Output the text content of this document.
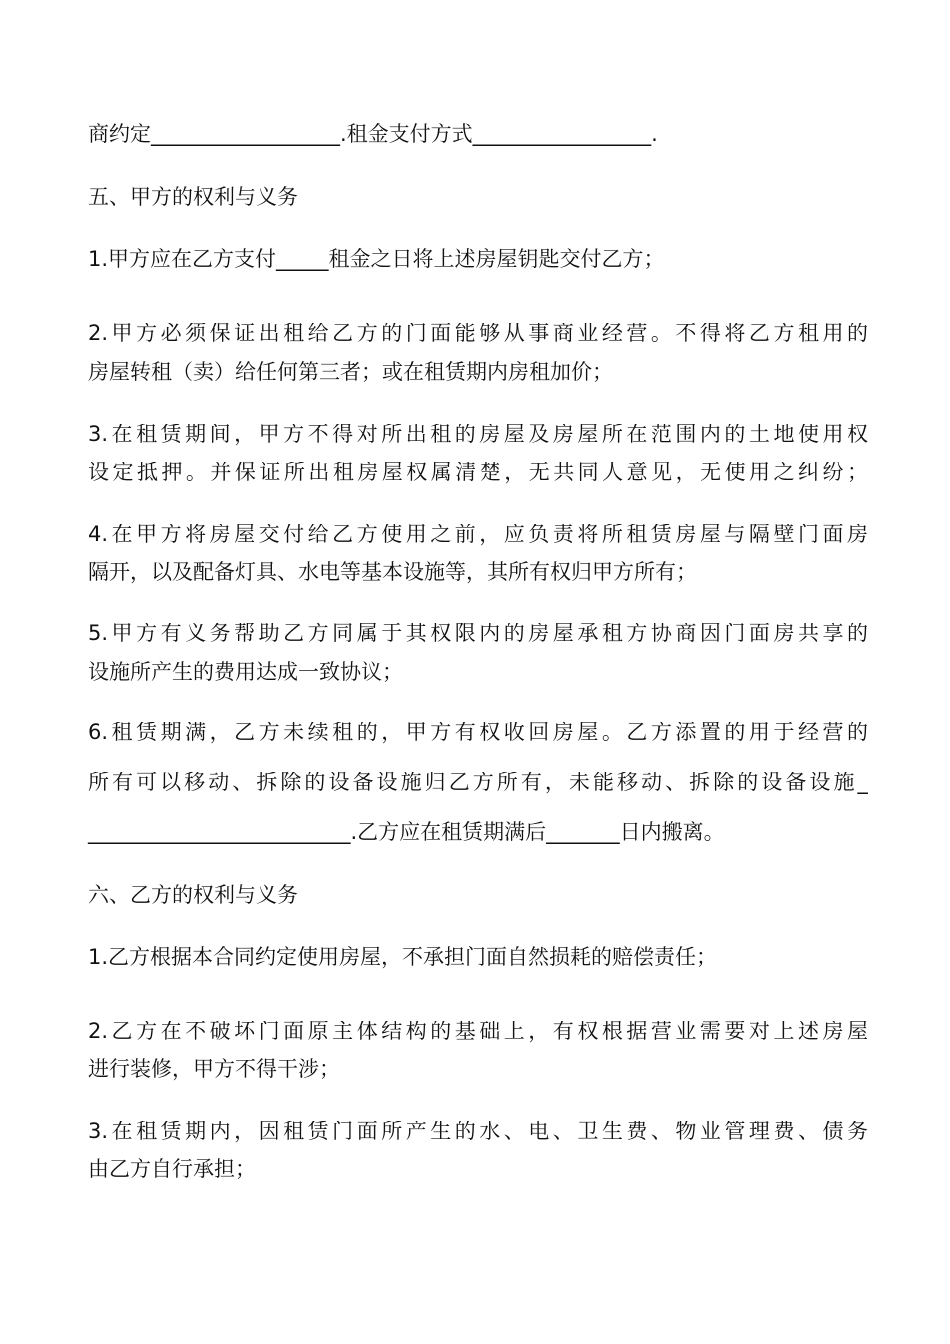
商约定__________________.租金支付方式_________________.
五、甲方的权利与义务
1.甲方应在乙方支付_____租金之日将上述房屋钥匙交付乙方；
2.甲方必须保证出租给乙方的门面能够从事商业经营。不得将乙方租用的
房屋转租（卖）给任何第三者；或在租赁期内房租加价；
3.在租赁期间，甲方不得对所出租的房屋及房屋所在范围内的土地使用权
设定抵押。并保证所出租房屋权属清楚，无共同人意见，无使用之纠纷；
4.在甲方将房屋交付给乙方使用之前，应负责将所租赁房屋与隔壁门面房
隔开，以及配备灯具、水电等基本设施等，其所有权归甲方所有；
5.甲方有义务帮助乙方同属于其权限内的房屋承租方协商因门面房共享的
设施所产生的费用达成一致协议；
6.租赁期满，乙方未续租的，甲方有权收回房屋。乙方添置的用于经营的
所有可以移动、拆除的设备设施归乙方所有，未能移动、拆除的设备设施_
_________________________.乙方应在租赁期满后_______日内搬离。
六、乙方的权利与义务
1.乙方根据本合同约定使用房屋，不承担门面自然损耗的赔偿责任；
2.乙方在不破坏门面原主体结构的基础上，有权根据营业需要对上述房屋
进行装修，甲方不得干涉；
3.在租赁期内，因租赁门面所产生的水、电、卫生费、物业管理费、债务
由乙方自行承担；
